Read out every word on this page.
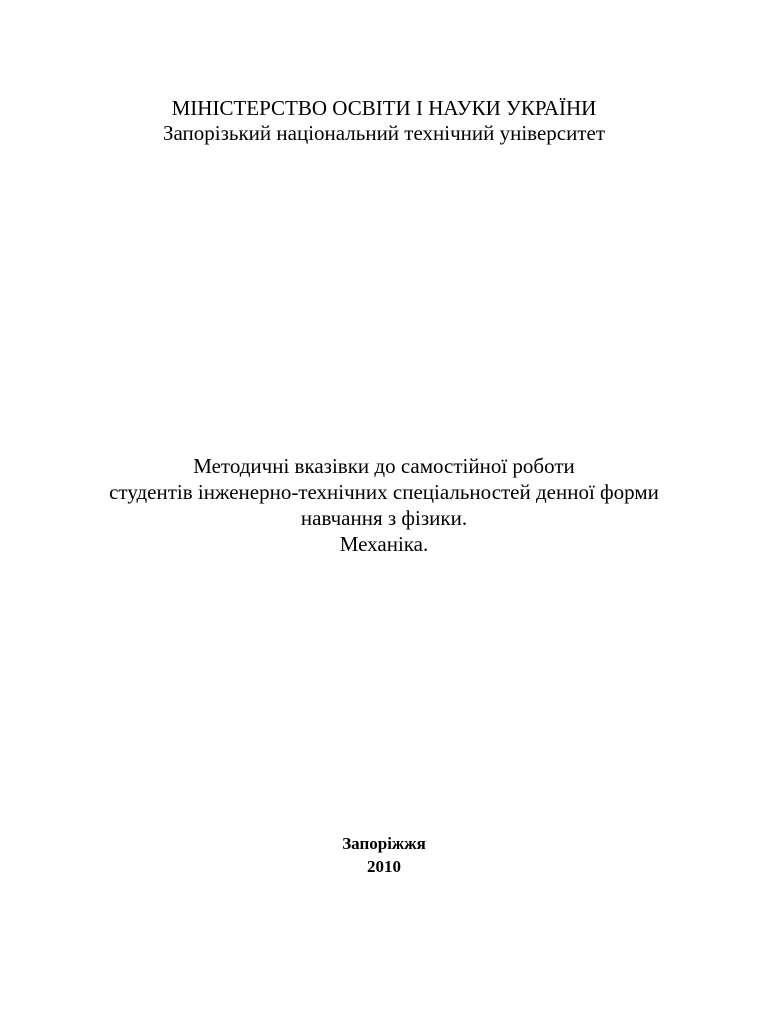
МІНІСТЕРСТВО ОСВІТИ І НАУКИ УКРАЇНИ
Запорізький національний технічний університет
Методичні вказівки до самостійної роботи
студентів інженерно-технічних спеціальностей денної форми
навчання з фізики.
Механіка.
Запоріжжя
2010
